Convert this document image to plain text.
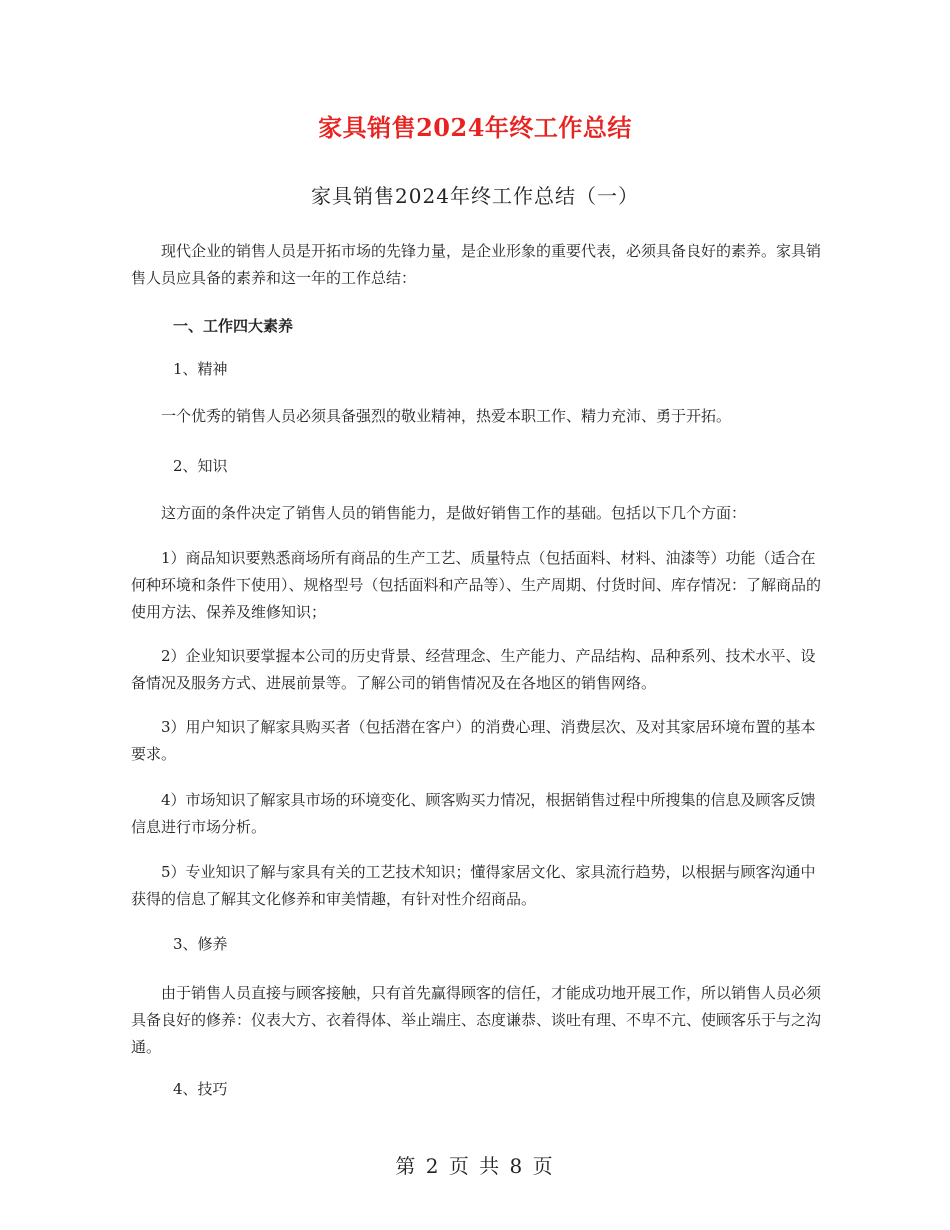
家具销售2024年终工作总结
家具销售2024年终工作总结（一）

现代企业的销售人员是开拓市场的先锋力量，是企业形象的重要代表，必须具备良好的素养。家具销售人员应具备的素养和这一年的工作总结：

一、工作四大素养

1、精神

一个优秀的销售人员必须具备强烈的敬业精神，热爱本职工作、精力充沛、勇于开拓。

2、知识

这方面的条件决定了销售人员的销售能力，是做好销售工作的基础。包括以下几个方面：

1）商品知识要熟悉商场所有商品的生产工艺、质量特点（包括面料、材料、油漆等）功能（适合在何种环境和条件下使用）、规格型号（包括面料和产品等）、生产周期、付货时间、库存情况：了解商品的使用方法、保养及维修知识；

2）企业知识要掌握本公司的历史背景、经营理念、生产能力、产品结构、品种系列、技术水平、设备情况及服务方式、进展前景等。了解公司的销售情况及在各地区的销售网络。

3）用户知识了解家具购买者（包括潜在客户）的消费心理、消费层次、及对其家居环境布置的基本要求。

4）市场知识了解家具市场的环境变化、顾客购买力情况，根据销售过程中所搜集的信息及顾客反馈信息进行市场分析。

5）专业知识了解与家具有关的工艺技术知识；懂得家居文化、家具流行趋势，以根据与顾客沟通中获得的信息了解其文化修养和审美情趣，有针对性介绍商品。

3、修养

由于销售人员直接与顾客接触，只有首先赢得顾客的信任，才能成功地开展工作，所以销售人员必须具备良好的修养：仪表大方、衣着得体、举止端庄、态度谦恭、谈吐有理、不卑不亢、使顾客乐于与之沟通。

4、技巧

第 2 页 共 8 页
